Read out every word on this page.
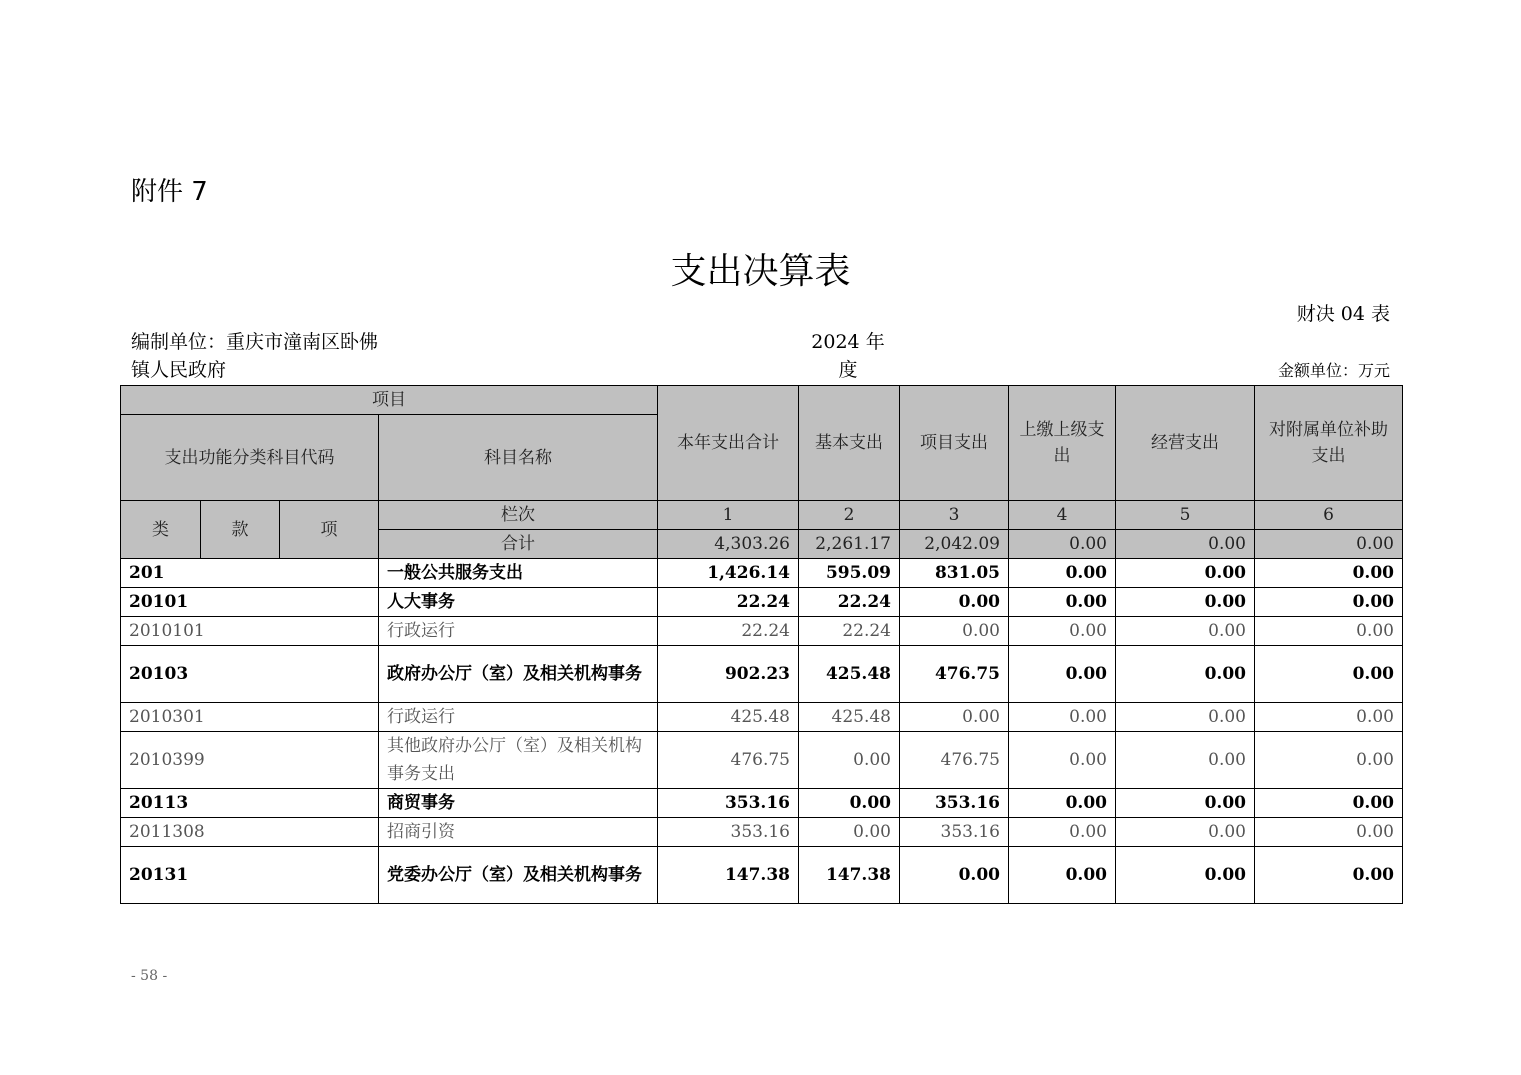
附件 7
支出决算表
财决 04 表
编制单位：重庆市潼南区卧佛镇人民政府
2024 年度	金额单位：万元
项目				本年支出合计	基本支出	项目支出	上缴上级支出	经营支出	对附属单位补助支出
支出功能分类科目代码			科目名称						
类	款	项	栏次	1	2	3	4	5	6
			合计	4,303.26	2,261.17	2,042.09	0.00	0.00	0.00
201			一般公共服务支出	1,426.14	595.09	831.05	0.00	0.00	0.00
20101			人大事务	22.24	22.24	0.00	0.00	0.00	0.00
2010101			行政运行	22.24	22.24	0.00	0.00	0.00	0.00
20103			政府办公厅（室）及相关机构事务	902.23	425.48	476.75	0.00	0.00	0.00
2010301			行政运行	425.48	425.48	0.00	0.00	0.00	0.00
2010399			其他政府办公厅（室）及相关机构事务支出	476.75	0.00	476.75	0.00	0.00	0.00
20113			商贸事务	353.16	0.00	353.16	0.00	0.00	0.00
2011308			招商引资	353.16	0.00	353.16	0.00	0.00	0.00
20131			党委办公厅（室）及相关机构事务	147.38	147.38	0.00	0.00	0.00	0.00
- 58 -
